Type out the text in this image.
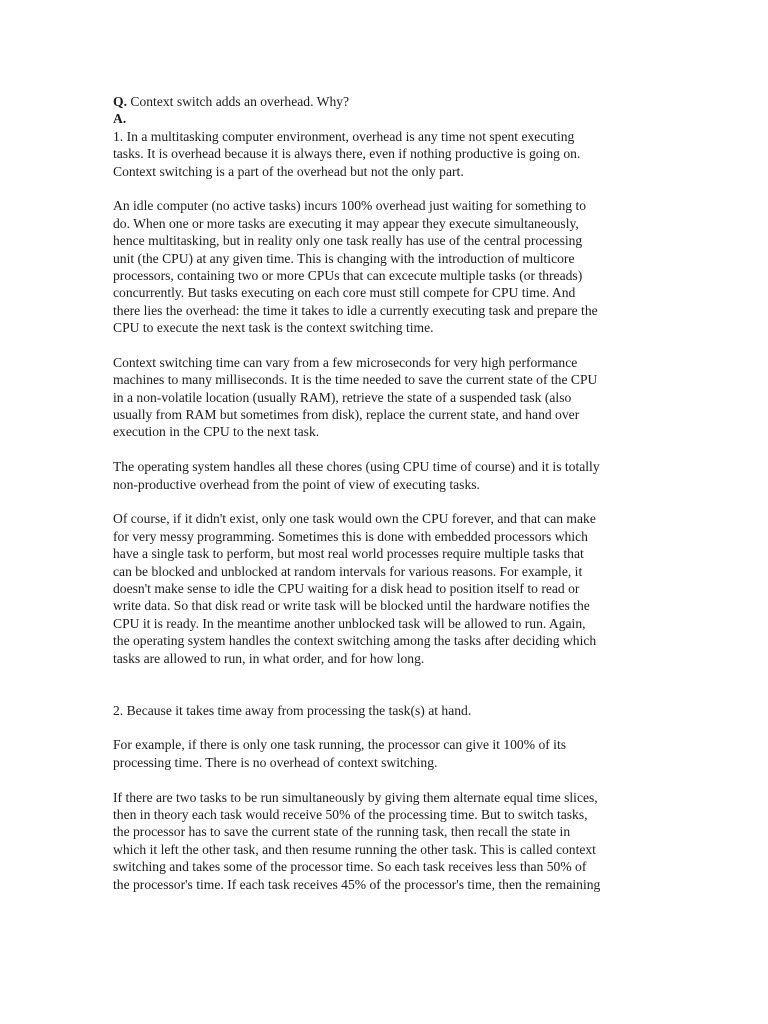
Q. Context switch adds an overhead. Why?
A.
1. In a multitasking computer environment, overhead is any time not spent executing
tasks. It is overhead because it is always there, even if nothing productive is going on.
Context switching is a part of the overhead but not the only part.
An idle computer (no active tasks) incurs 100% overhead just waiting for something to
do. When one or more tasks are executing it may appear they execute simultaneously,
hence multitasking, but in reality only one task really has use of the central processing
unit (the CPU) at any given time. This is changing with the introduction of multicore
processors, containing two or more CPUs that can excecute multiple tasks (or threads)
concurrently. But tasks executing on each core must still compete for CPU time. And
there lies the overhead: the time it takes to idle a currently executing task and prepare the
CPU to execute the next task is the context switching time.
Context switching time can vary from a few microseconds for very high performance
machines to many milliseconds. It is the time needed to save the current state of the CPU
in a non-volatile location (usually RAM), retrieve the state of a suspended task (also
usually from RAM but sometimes from disk), replace the current state, and hand over
execution in the CPU to the next task.
The operating system handles all these chores (using CPU time of course) and it is totally
non-productive overhead from the point of view of executing tasks.
Of course, if it didn't exist, only one task would own the CPU forever, and that can make
for very messy programming. Sometimes this is done with embedded processors which
have a single task to perform, but most real world processes require multiple tasks that
can be blocked and unblocked at random intervals for various reasons. For example, it
doesn't make sense to idle the CPU waiting for a disk head to position itself to read or
write data. So that disk read or write task will be blocked until the hardware notifies the
CPU it is ready. In the meantime another unblocked task will be allowed to run. Again,
the operating system handles the context switching among the tasks after deciding which
tasks are allowed to run, in what order, and for how long.
2. Because it takes time away from processing the task(s) at hand.
For example, if there is only one task running, the processor can give it 100% of its
processing time. There is no overhead of context switching.
If there are two tasks to be run simultaneously by giving them alternate equal time slices,
then in theory each task would receive 50% of the processing time. But to switch tasks,
the processor has to save the current state of the running task, then recall the state in
which it left the other task, and then resume running the other task. This is called context
switching and takes some of the processor time. So each task receives less than 50% of
the processor's time. If each task receives 45% of the processor's time, then the remaining
